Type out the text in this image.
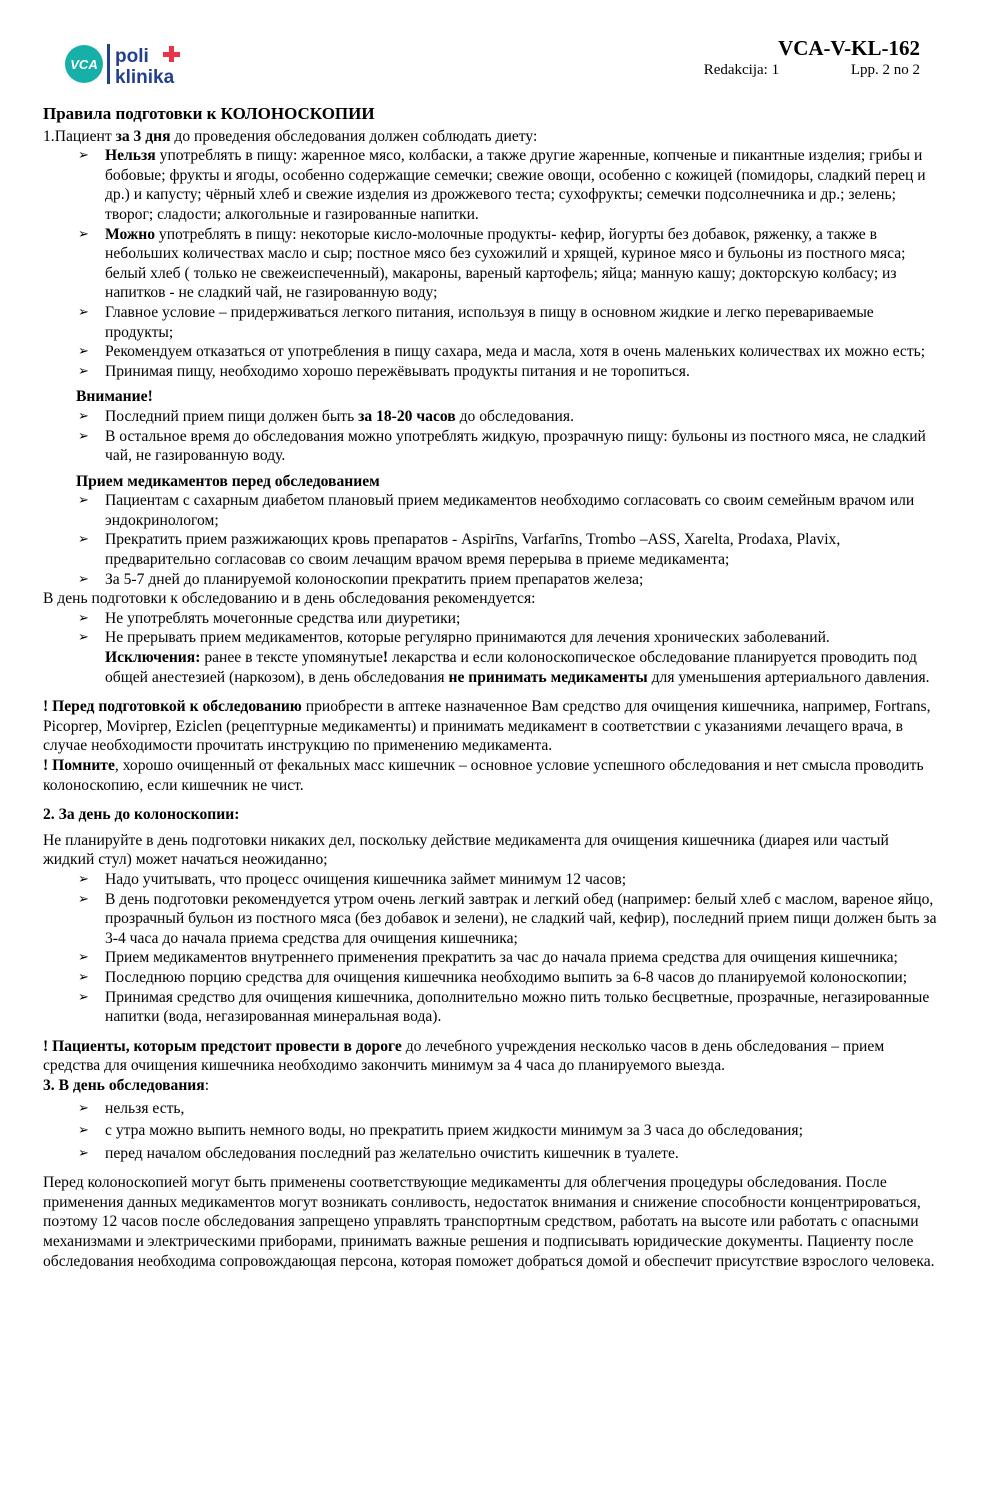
VCA poli
klinika
VCA-V-KL-162
Redakcija: 1	Lpp. 2 no 2

Правила подготовки к КОЛОНОСКОПИИ

1.Пациент за 3 дня до проведения обследования должен соблюдать диету:

➢ Нельзя употреблять в пищу: жаренное мясо, колбаски, а также другие жаренные, копченые и пикантные изделия; грибы и бобовые; фрукты и ягоды, особенно содержащие семечки; свежие овощи, особенно с кожицей (помидоры, сладкий перец и др.) и капусту; чёрный хлеб и свежие изделия из дрожжевого теста; сухофрукты; семечки подсолнечника и др.; зелень; творог; сладости; алкогольные и газированные напитки.
➢ Можно употреблять в пищу: некоторые кисло-молочные продукты- кефир, йогурты без добавок, ряженку, а также в небольших количествах масло и сыр; постное мясо без сухожилий и хрящей, куриное мясо и бульоны из постного мяса; белый хлеб ( только не свежеиспеченный), макароны, вареный картофель; яйца; манную кашу; докторскую колбасу; из напитков - не сладкий чай, не газированную воду;
➢ Главное условие – придерживаться легкого питания, используя в пищу в основном жидкие и легко перевариваемые продукты;
➢ Рекомендуем отказаться от употребления в пищу сахара, меда и масла, хотя в очень маленьких количествах их можно есть;
➢ Принимая пищу, необходимо хорошо пережёвывать продукты питания и не торопиться.

Внимание!

➢ Последний прием пищи должен быть за 18-20 часов до обследования.
➢ В остальное время до обследования можно употреблять жидкую, прозрачную пищу: бульоны из постного мяса, не сладкий чай, не газированную воду.

Прием медикаментов перед обследованием

➢ Пациентам с сахарным диабетом плановый прием медикаментов необходимо согласовать со своим семейным врачом или эндокринологом;
➢ Прекратить прием разжижающих кровь препаратов - Aspirīns, Varfarīns, Trombo –ASS, Xarelta, Prodaxa, Plavix, предварительно согласовав со своим лечащим врачом время перерыва в приеме медикамента;
➢ За 5-7 дней до планируемой колоноскопии прекратить прием препаратов железа;

В день подготовки к обследованию и в день обследования рекомендуется:

➢ Не употреблять мочегонные средства или диуретики;
➢ Не прерывать прием медикаментов, которые регулярно принимаются для лечения хронических заболеваний.
Исключения: ранее в тексте упомянутые! лекарства и если колоноскопическое обследование планируется проводить под общей анестезией (наркозом), в день обследования не принимать медикаменты для уменьшения артериального давления.

! Перед подготовкой к обследованию приобрести в аптеке назначенное Вам средство для очищения кишечника, например, Fortrans, Picoprep, Moviprep, Eziclen (рецептурные медикаменты) и принимать медикамент в соответствии с указаниями лечащего врача, в случае необходимости прочитать инструкцию по применению медикамента.

! Помните, хорошо очищенный от фекальных масс кишечник – основное условие успешного обследования и нет смысла проводить колоноскопию, если кишечник не чист.

2. За день до колоноскопии:

Не планируйте в день подготовки никаких дел, поскольку действие медикамента для очищения кишечника (диарея или частый жидкий стул) может начаться неожиданно;

➢ Надо учитывать, что процесс очищения кишечника займет минимум 12 часов;
➢ В день подготовки рекомендуется утром очень легкий завтрак и легкий обед (например: белый хлеб с маслом, вареное яйцо, прозрачный бульон из постного мяса (без добавок и зелени), не сладкий чай, кефир), последний прием пищи должен быть за 3-4 часа до начала приема средства для очищения кишечника;
➢ Прием медикаментов внутреннего применения прекратить за час до начала приема средства для очищения кишечника;
➢ Последнюю порцию средства для очищения кишечника необходимо выпить за 6-8 часов до планируемой колоноскопии;
➢ Принимая средство для очищения кишечника, дополнительно можно пить только бесцветные, прозрачные, негазированные напитки (вода, негазированная минеральная вода).

! Пациенты, которым предстоит провести в дороге до лечебного учреждения несколько часов в день обследования – прием средства для очищения кишечника необходимо закончить минимум за 4 часа до планируемого выезда.

3. В день обследования:

➢ нельзя есть,
➢ с утра можно выпить немного воды, но прекратить прием жидкости минимум за 3 часа до обследования;
➢ перед началом обследования последний раз желательно очистить кишечник в туалете.

Перед колоноскопией могут быть применены соответствующие медикаменты для облегчения процедуры обследования. После применения данных медикаментов могут возникать сонливость, недостаток внимания и снижение способности концентрироваться, поэтому 12 часов после обследования запрещено управлять транспортным средством, работать на высоте или работать с опасными механизмами и электрическими приборами, принимать важные решения и подписывать юридические документы. Пациенту после обследования необходима сопровождающая персона, которая поможет добраться домой и обеспечит присутствие взрослого человека.
